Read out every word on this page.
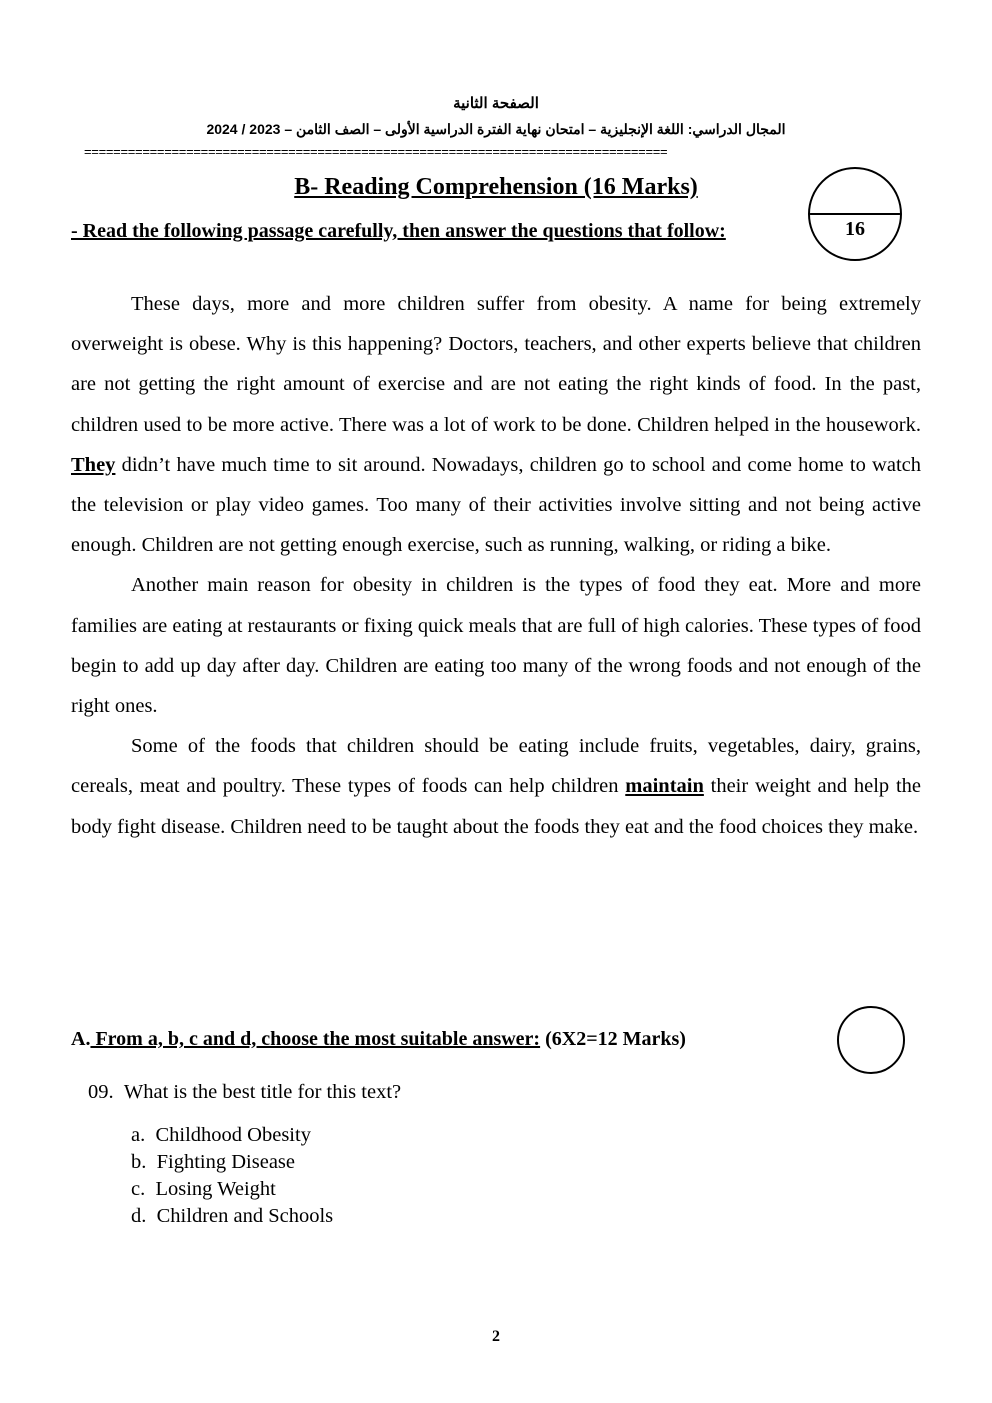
الصفحة الثانية
المجال الدراسي: اللغة الإنجليزية – امتحان نهاية الفترة الدراسية الأولى – الصف الثامن – 2023 / 2024
================================================================================
B- Reading Comprehension (16 Marks)
- Read the following passage carefully, then answer the questions that follow:	16

These days, more and more children suffer from obesity. A name for being extremely overweight is obese. Why is this happening? Doctors, teachers, and other experts believe that children are not getting the right amount of exercise and are not eating the right kinds of food. In the past, children used to be more active. There was a lot of work to be done. Children helped in the housework. They didn’t have much time to sit around. Nowadays, children go to school and come home to watch the television or play video games. Too many of their activities involve sitting and not being active enough. Children are not getting enough exercise, such as running, walking, or riding a bike.

Another main reason for obesity in children is the types of food they eat. More and more families are eating at restaurants or fixing quick meals that are full of high calories. These types of food begin to add up day after day. Children are eating too many of the wrong foods and not enough of the right ones.

Some of the foods that children should be eating include fruits, vegetables, dairy, grains, cereals, meat and poultry. These types of foods can help children maintain their weight and help the body fight disease. Children need to be taught about the foods they eat and the food choices they make.

A. From a, b, c and d, choose the most suitable answer: (6X2=12 Marks)
09. What is the best title for this text?
a. Childhood Obesity
b. Fighting Disease
c. Losing Weight
d. Children and Schools
2
